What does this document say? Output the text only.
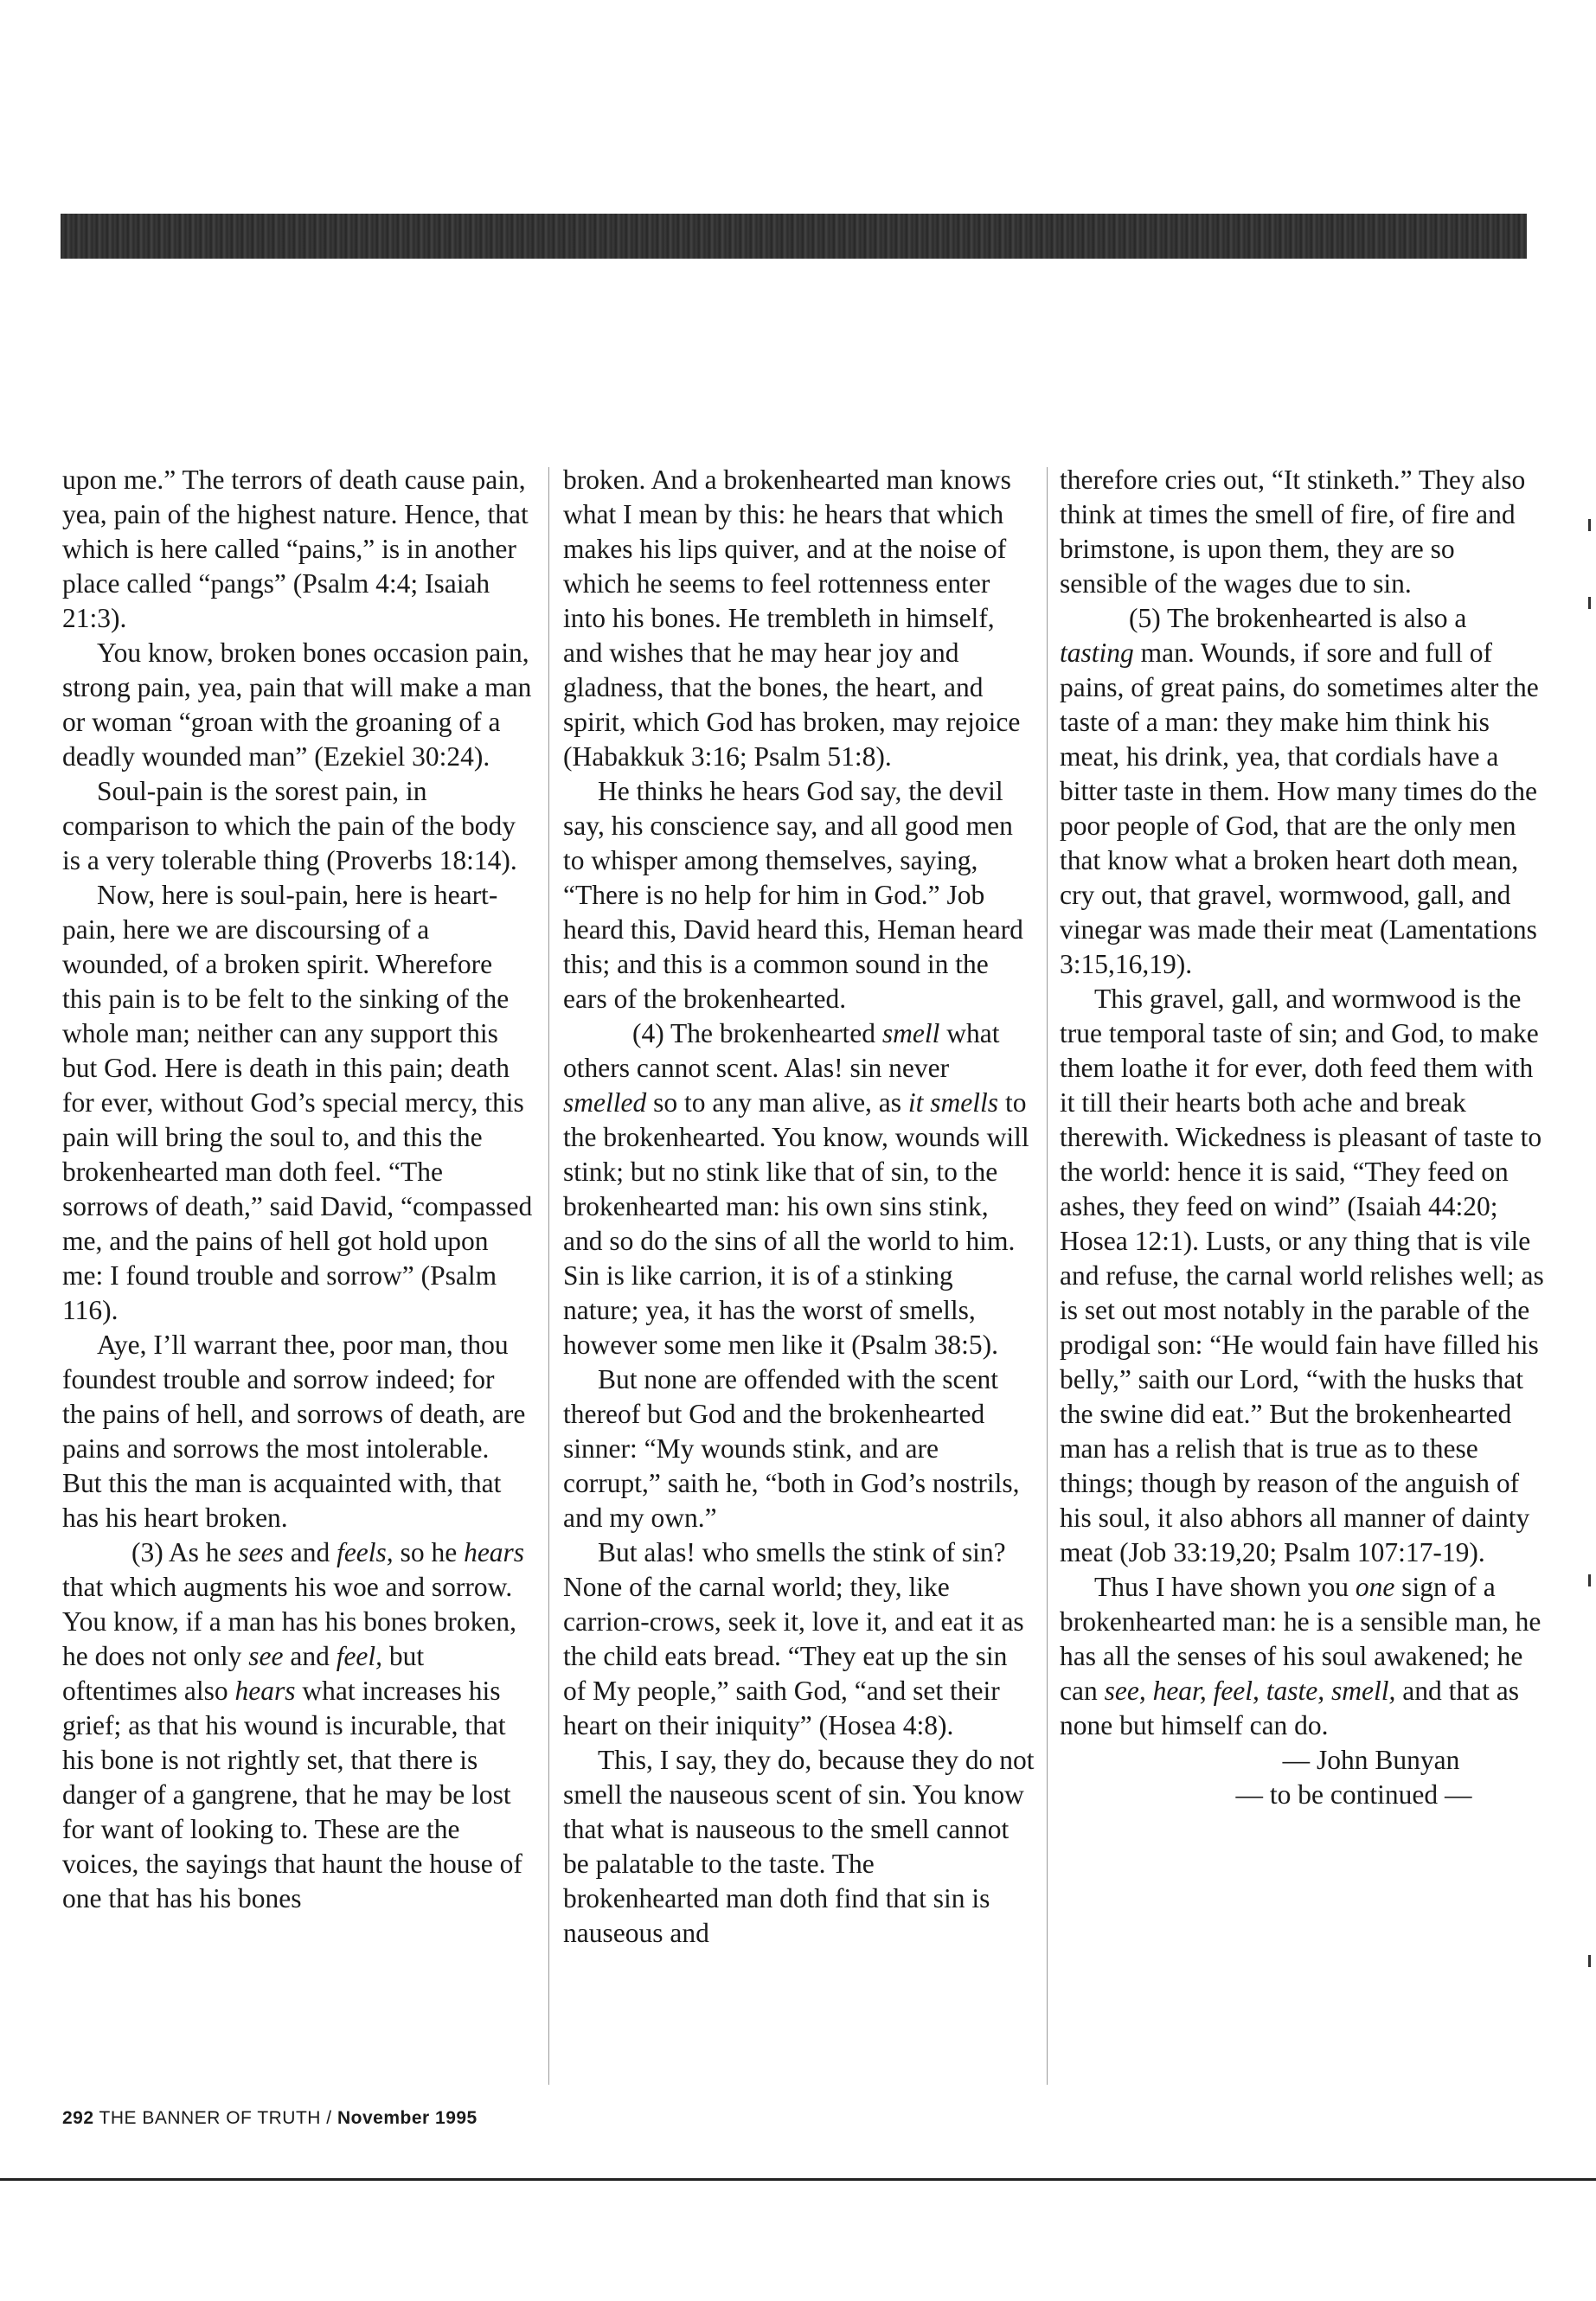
upon me.” The terrors of death cause pain, yea, pain of the highest nature. Hence, that which is here called “pains,” is in another place called “pangs” (Psalm 4:4; Isaiah 21:3).

You know, broken bones occasion pain, strong pain, yea, pain that will make a man or woman “groan with the groaning of a deadly wounded man” (Ezekiel 30:24).

Soul-pain is the sorest pain, in comparison to which the pain of the body is a very tolerable thing (Proverbs 18:14).

Now, here is soul-pain, here is heart-pain, here we are discoursing of a wounded, of a broken spirit. Wherefore this pain is to be felt to the sinking of the whole man; neither can any support this but God. Here is death in this pain; death for ever, without God’s special mercy, this pain will bring the soul to, and this the brokenhearted man doth feel. “The sorrows of death,” said David, “compassed me, and the pains of hell got hold upon me: I found trouble and sorrow” (Psalm 116).

Aye, I’ll warrant thee, poor man, thou foundest trouble and sorrow indeed; for the pains of hell, and sorrows of death, are pains and sorrows the most intolerable. But this the man is acquainted with, that has his heart broken.

(3) As he sees and feels, so he hears that which augments his woe and sorrow. You know, if a man has his bones broken, he does not only see and feel, but oftentimes also hears what increases his grief; as that his wound is incurable, that his bone is not rightly set, that there is danger of a gangrene, that he may be lost for want of looking to. These are the voices, the sayings that haunt the house of one that has his bones

broken. And a brokenhearted man knows what I mean by this: he hears that which makes his lips quiver, and at the noise of which he seems to feel rottenness enter into his bones. He trembleth in himself, and wishes that he may hear joy and gladness, that the bones, the heart, and spirit, which God has broken, may rejoice (Habakkuk 3:16; Psalm 51:8).

He thinks he hears God say, the devil say, his conscience say, and all good men to whisper among themselves, saying, “There is no help for him in God.” Job heard this, David heard this, Heman heard this; and this is a common sound in the ears of the brokenhearted.

(4) The brokenhearted smell what others cannot scent. Alas! sin never smelled so to any man alive, as it smells to the brokenhearted. You know, wounds will stink; but no stink like that of sin, to the brokenhearted man: his own sins stink, and so do the sins of all the world to him. Sin is like carrion, it is of a stinking nature; yea, it has the worst of smells, however some men like it (Psalm 38:5).

But none are offended with the scent thereof but God and the brokenhearted sinner: “My wounds stink, and are corrupt,” saith he, “both in God’s nostrils, and my own.”

But alas! who smells the stink of sin? None of the carnal world; they, like carrion-crows, seek it, love it, and eat it as the child eats bread. “They eat up the sin of My people,” saith God, “and set their heart on their iniquity” (Hosea 4:8).

This, I say, they do, because they do not smell the nauseous scent of sin. You know that what is nauseous to the smell cannot be palatable to the taste. The brokenhearted man doth find that sin is nauseous and

therefore cries out, “It stinketh.” They also think at times the smell of fire, of fire and brimstone, is upon them, they are so sensible of the wages due to sin.

(5) The brokenhearted is also a tasting man. Wounds, if sore and full of pains, of great pains, do sometimes alter the taste of a man: they make him think his meat, his drink, yea, that cordials have a bitter taste in them. How many times do the poor people of God, that are the only men that know what a broken heart doth mean, cry out, that gravel, wormwood, gall, and vinegar was made their meat (Lamentations 3:15,16,19).

This gravel, gall, and wormwood is the true temporal taste of sin; and God, to make them loathe it for ever, doth feed them with it till their hearts both ache and break therewith. Wickedness is pleasant of taste to the world: hence it is said, “They feed on ashes, they feed on wind” (Isaiah 44:20; Hosea 12:1). Lusts, or any thing that is vile and refuse, the carnal world relishes well; as is set out most notably in the parable of the prodigal son: “He would fain have filled his belly,” saith our Lord, “with the husks that the swine did eat.” But the brokenhearted man has a relish that is true as to these things; though by reason of the anguish of his soul, it also abhors all manner of dainty meat (Job 33:19,20; Psalm 107:17-19).

Thus I have shown you one sign of a brokenhearted man: he is a sensible man, he has all the senses of his soul awakened; he can see, hear, feel, taste, smell, and that as none but himself can do.

— John Bunyan

— to be continued —

292 THE BANNER OF TRUTH / November 1995
